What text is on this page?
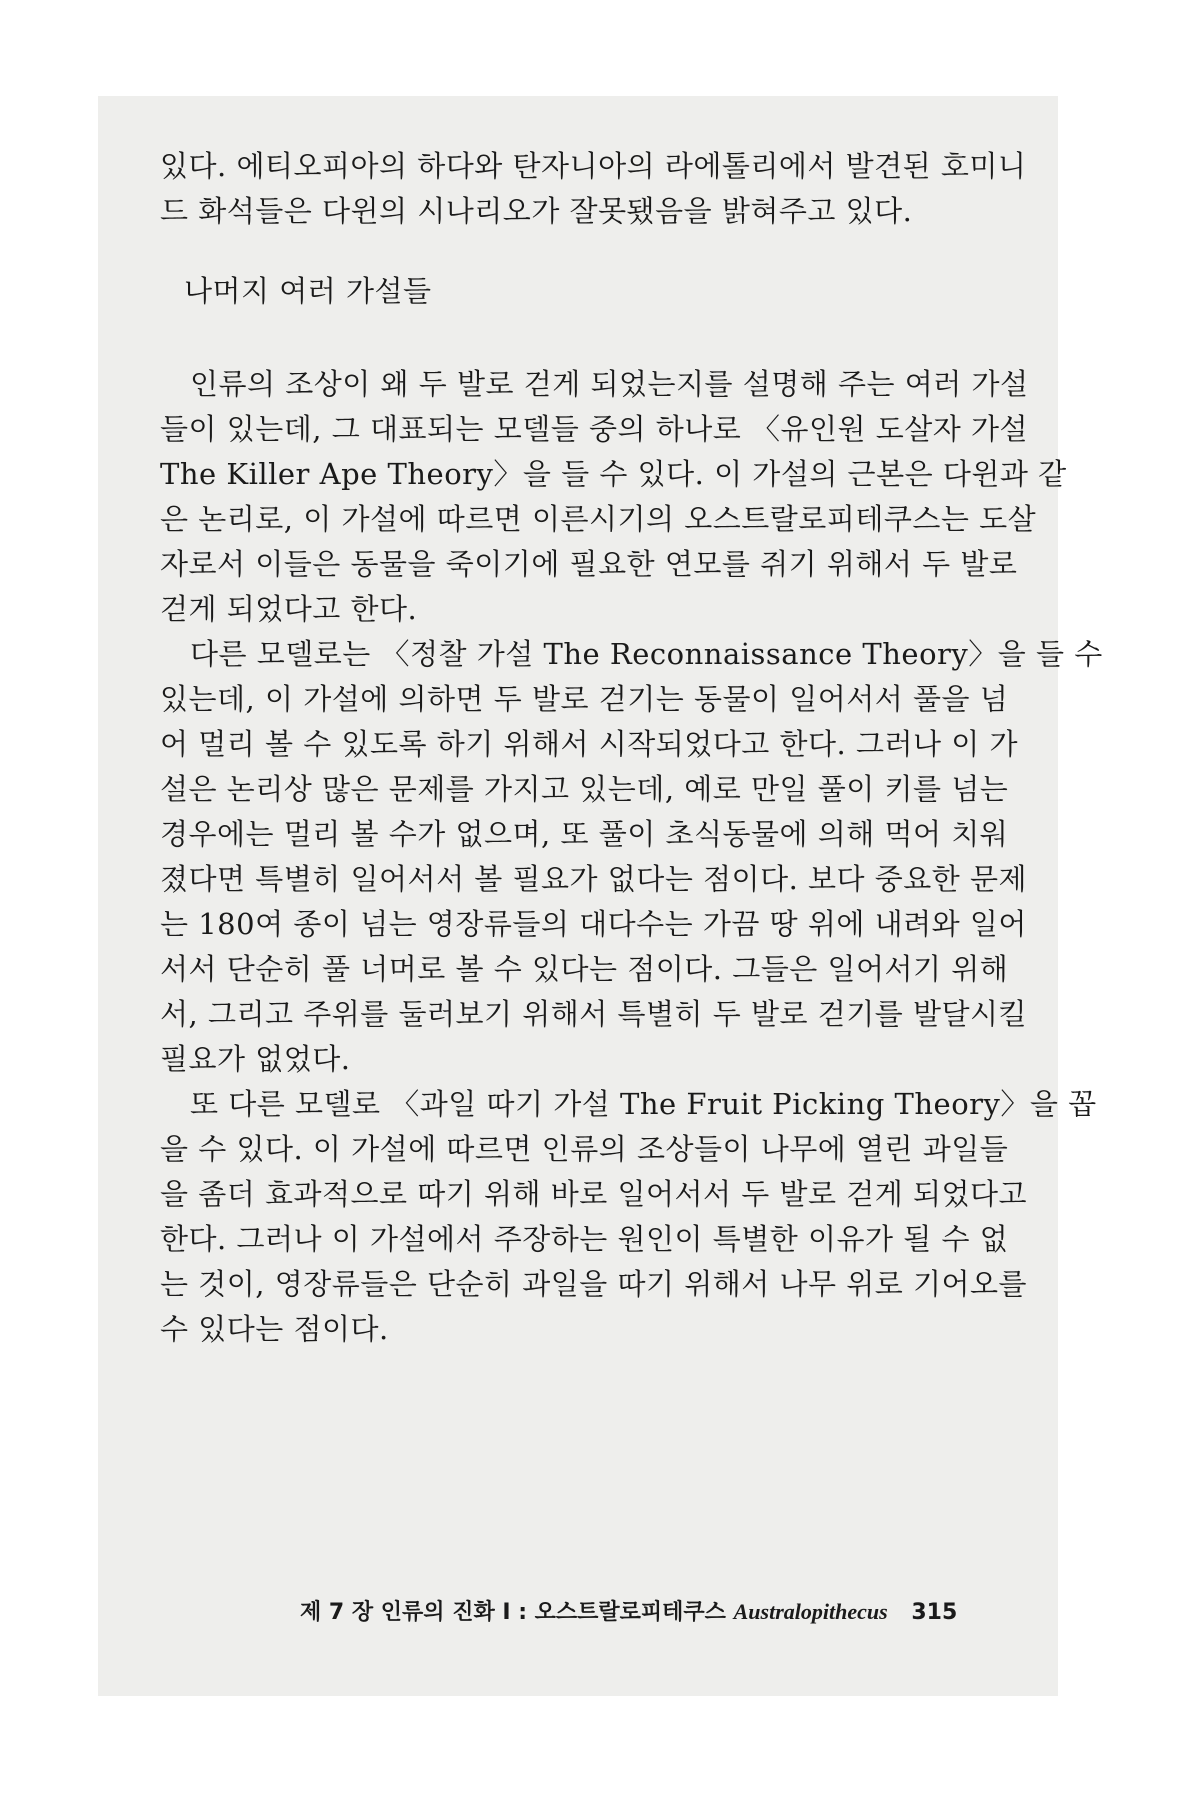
있다. 에티오피아의 하다와 탄자니아의 라에톨리에서 발견된 호미니
드 화석들은 다윈의 시나리오가 잘못됐음을 밝혀주고 있다.
나머지 여러 가설들
인류의 조상이 왜 두 발로 걷게 되었는지를 설명해 주는 여러 가설
들이 있는데, 그 대표되는 모델들 중의 하나로 〈유인원 도살자 가설
The Killer Ape Theory〉을 들 수 있다. 이 가설의 근본은 다윈과 같
은 논리로, 이 가설에 따르면 이른시기의 오스트랄로피테쿠스는 도살
자로서 이들은 동물을 죽이기에 필요한 연모를 쥐기 위해서 두 발로
걷게 되었다고 한다.
다른 모델로는 〈정찰 가설 The Reconnaissance Theory〉을 들 수
있는데, 이 가설에 의하면 두 발로 걷기는 동물이 일어서서 풀을 넘
어 멀리 볼 수 있도록 하기 위해서 시작되었다고 한다. 그러나 이 가
설은 논리상 많은 문제를 가지고 있는데, 예로 만일 풀이 키를 넘는
경우에는 멀리 볼 수가 없으며, 또 풀이 초식동물에 의해 먹어 치워
졌다면 특별히 일어서서 볼 필요가 없다는 점이다. 보다 중요한 문제
는 180여 종이 넘는 영장류들의 대다수는 가끔 땅 위에 내려와 일어
서서 단순히 풀 너머로 볼 수 있다는 점이다. 그들은 일어서기 위해
서, 그리고 주위를 둘러보기 위해서 특별히 두 발로 걷기를 발달시킬
필요가 없었다.
또 다른 모델로 〈과일 따기 가설 The Fruit Picking Theory〉을 꼽
을 수 있다. 이 가설에 따르면 인류의 조상들이 나무에 열린 과일들
을 좀더 효과적으로 따기 위해 바로 일어서서 두 발로 걷게 되었다고
한다. 그러나 이 가설에서 주장하는 원인이 특별한 이유가 될 수 없
는 것이, 영장류들은 단순히 과일을 따기 위해서 나무 위로 기어오를
수 있다는 점이다.
제 7 장 인류의 진화 Ⅰ : 오스트랄로피테쿠스 Australopithecus 315
